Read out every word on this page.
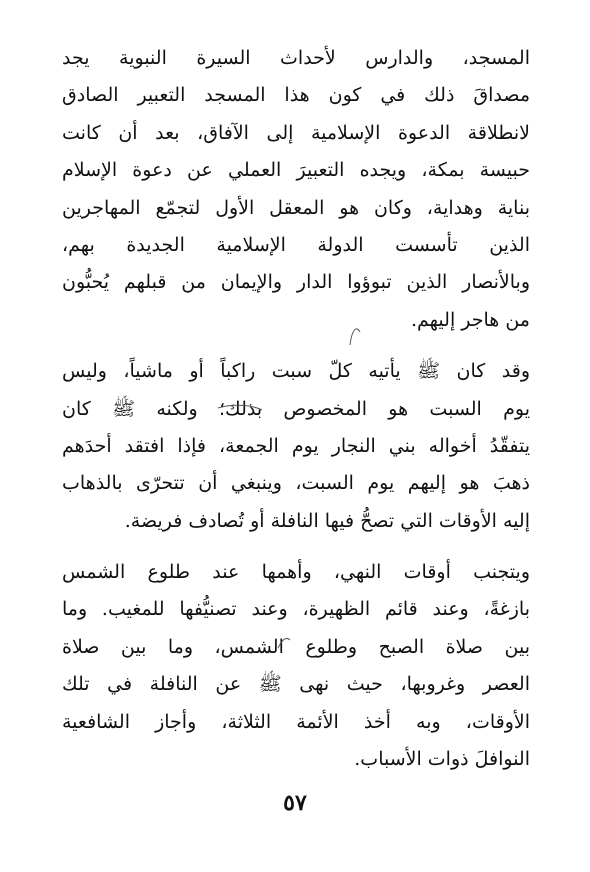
المسجد، والدارس لأحداث السيرة النبوية يجد
مصداقَ ذلك في كون هذا المسجد التعبير الصادق
لانطلاقة الدعوة الإسلامية إلى الآفاق، بعد أن كانت
حبيسة بمكة، ويجده التعبيرَ العملي عن دعوة الإسلام
بناية وهداية، وكان هو المعقل الأول لتجمّع المهاجرين
الذين تأسست الدولة الإسلامية الجديدة بهم،
وبالأنصار الذين تبوؤوا الدار والإيمان من قبلهم يُحبُّون
من هاجر إليهم.
وقد كان ﷺ يأتيه كلّ سبت راكباً أو ماشياً، وليس
يوم السبت هو المخصوص بذلك؛ ولكنه ﷺ كان
يتفقّدُ أخواله بني النجار يوم الجمعة، فإذا افتقد أحدَهم
ذهبَ هو إليهم يوم السبت، وينبغي أن تتحرّى بالذهاب
إليه الأوقات التي تصحُّ فيها النافلة أو تُصادف فريضة.
ويتجنب أوقات النهي، وأهمها عند طلوع الشمس
بازغةً، وعند قائم الظهيرة، وعند تصنيُّفها للمغيب. وما
بين صلاة الصبح وطلوع الشمس، وما بين صلاة
العصر وغروبها، حيث نهى ﷺ عن النافلة في تلك
الأوقات، وبه أخذ الأئمة الثلاثة، وأجاز الشافعية
النوافلَ ذوات الأسباب.
٥٧
